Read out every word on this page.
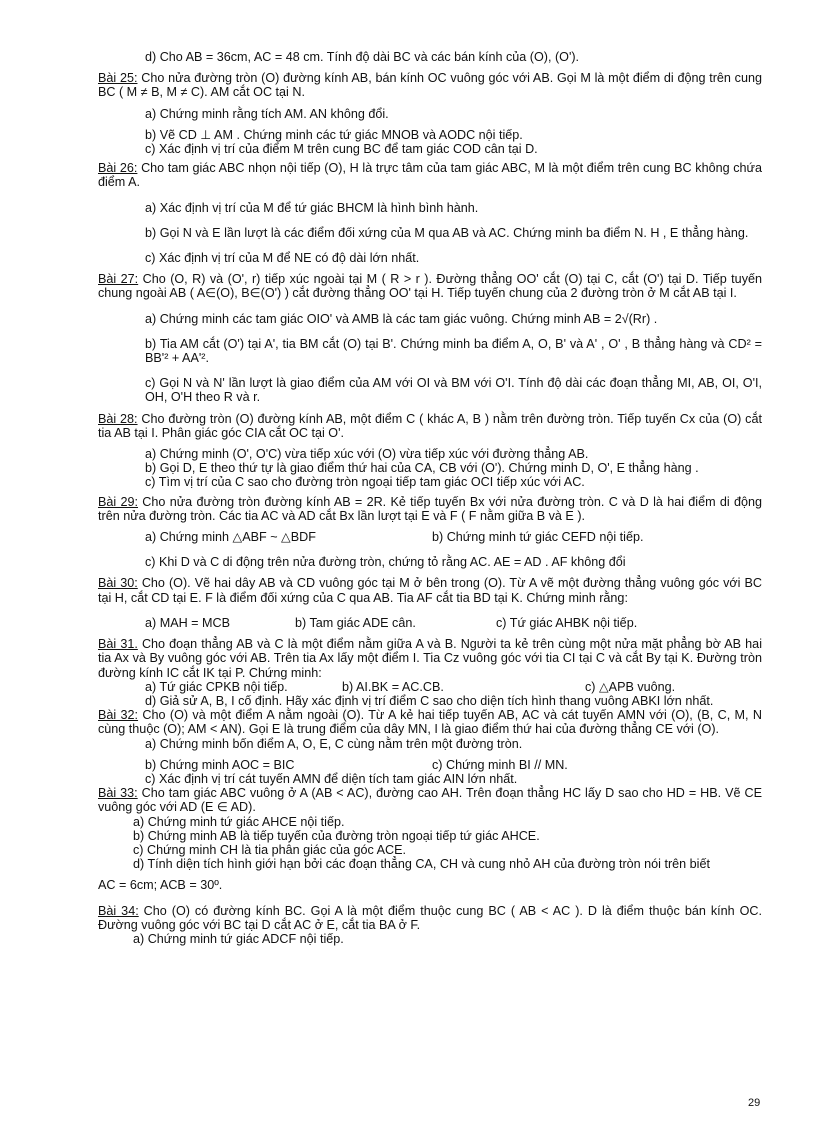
d) Cho AB = 36cm, AC = 48 cm. Tính độ dài BC và các bán kính của (O), (O').

Bài 25: Cho nửa đường tròn (O) đường kính AB, bán kính OC vuông góc với AB. Gọi M là một điểm di động trên cung BC ( M ≠ B, M ≠ C). AM cắt OC tại N.

a) Chứng minh rằng tích AM. AN không đổi.

b) Vẽ CD ⊥ AM . Chứng minh các tứ giác MNOB và AODC nội tiếp.

c) Xác định vị trí của điểm M trên cung BC để tam giác COD cân tại D.

Bài 26: Cho tam giác ABC nhọn nội tiếp (O), H là trực tâm của tam giác ABC, M là một điểm trên cung BC không chứa điểm A.

a) Xác định vị trí của M để tứ giác BHCM là hình bình hành.

b) Gọi N và E lần lượt là các điểm đối xứng của M qua AB và AC. Chứng minh ba điểm N. H , E thẳng hàng.

c) Xác định vị trí của M để NE có độ dài lớn nhất.

Bài 27: Cho (O, R) và (O', r) tiếp xúc ngoài tại M ( R > r ). Đường thẳng OO' cắt (O) tại C, cắt (O') tại D. Tiếp tuyến chung ngoài AB ( A∈(O), B∈(O') ) cắt đường thẳng OO' tại H. Tiếp tuyến chung của 2 đường tròn ở M cắt AB tại I.

a) Chứng minh các tam giác OIO' và AMB là các tam giác vuông. Chứng minh AB = 2√(Rr) .

b) Tia AM cắt (O') tại A', tia BM cắt (O) tại B'. Chứng minh ba điểm A, O, B' và A' , O' , B thẳng hàng và CD² = BB'² + AA'².

c) Gọi N và N' lần lượt là giao điểm của AM với OI và BM với O'I. Tính độ dài các đoạn thẳng MI, AB, OI, O'I, OH, O'H theo R và r.

Bài 28: Cho đường tròn (O) đường kính AB, một điểm C ( khác A, B ) nằm trên đường tròn. Tiếp tuyến Cx của (O) cắt tia AB tại I. Phân giác góc CIA cắt OC tại O'.

a) Chứng minh (O', O'C) vừa tiếp xúc với (O) vừa tiếp xúc với đường thẳng AB.

b) Gọi D, E theo thứ tự là giao điểm thứ hai của CA, CB với (O'). Chứng minh D, O', E thẳng hàng .

c) Tìm vị trí của C sao cho đường tròn ngoại tiếp tam giác OCI tiếp xúc với AC.

Bài 29: Cho nửa đường tròn đường kính AB = 2R. Kẻ tiếp tuyến Bx với nửa đường tròn. C và D là hai điểm di động trên nửa đường tròn. Các tia AC và AD cắt Bx lần lượt tại E và F ( F nằm giữa B và E ).

a) Chứng minh △ABF ~ △BDF	b) Chứng minh tứ giác CEFD nội tiếp.

c) Khi D và C di động trên nửa đường tròn, chứng tỏ rằng AC. AE = AD . AF không đổi

Bài 30: Cho (O). Vẽ hai dây AB và CD vuông góc tại M ở bên trong (O). Từ A vẽ một đường thẳng vuông góc với BC tại H, cắt CD tại E. F là điểm đối xứng của C qua AB. Tia AF cắt tia BD tại K. Chứng minh rằng:

a) MAH = MCB	b) Tam giác ADE cân.	c) Tứ giác AHBK nội tiếp.

Bài 31. Cho đoạn thẳng AB và C là một điểm nằm giữa A và B. Người ta kẻ trên cùng một nửa mặt phẳng bờ AB hai tia Ax và By vuông góc với AB. Trên tia Ax lấy một điểm I. Tia Cz vuông góc với tia CI tại C và cắt By tại K. Đường tròn đường kính IC cắt IK tại P. Chứng minh:

a) Tứ giác CPKB nội tiếp.	b) AI.BK = AC.CB.	c) △APB vuông.

d) Giả sử A, B, I cố định. Hãy xác định vị trí điểm C sao cho diện tích hình thang vuông ABKI lớn nhất.

Bài 32: Cho (O) và một điểm A nằm ngoài (O). Từ A kẻ hai tiếp tuyến AB, AC và cát tuyến AMN với (O), (B, C, M, N cùng thuộc (O); AM < AN). Gọi E là trung điểm của dây MN, I là giao điểm thứ hai của đường thẳng CE với (O).

a) Chứng minh bốn điểm A, O, E, C cùng nằm trên một đường tròn.

b) Chứng minh AOC = BIC	c) Chứng minh BI // MN.

c) Xác định vị trí cát tuyến AMN để diện tích tam giác AIN lớn nhất.

Bài 33: Cho tam giác ABC vuông ở A (AB < AC), đường cao AH. Trên đoạn thẳng HC lấy D sao cho HD = HB. Vẽ CE vuông góc với AD (E ∈ AD).

a) Chứng minh tứ giác AHCE nội tiếp.

b) Chứng minh AB là tiếp tuyến của đường tròn ngoại tiếp tứ giác AHCE.

c) Chứng minh CH là tia phân giác của góc ACE.

d) Tính diện tích hình giới hạn bởi các đoạn thẳng CA, CH và cung nhỏ AH của đường tròn nói trên biết

AC = 6cm; ACB = 30º.

Bài 34: Cho (O) có đường kính BC. Gọi A là một điểm thuộc cung BC ( AB < AC ). D là điểm thuộc bán kính OC. Đường vuông góc với BC tại D cắt AC ở E, cắt tia BA ở F.

a) Chứng minh tứ giác ADCF nội tiếp.

29
